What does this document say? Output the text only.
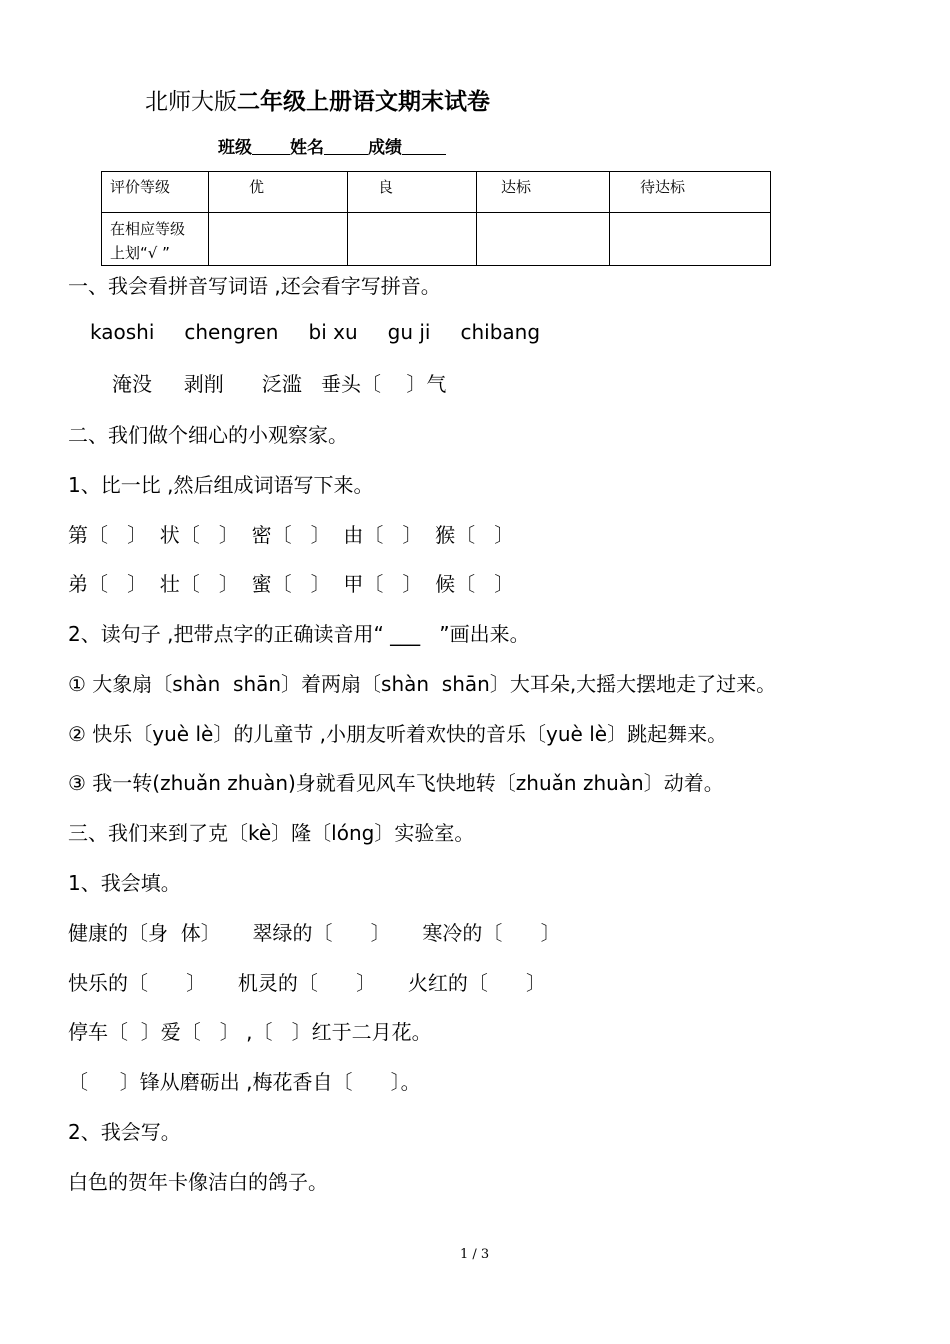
北师大版二年级上册语文期末试卷
班级 姓名	成绩
评价等级	优	良	达标	待达标
在相应等级
上划“√ ”				
一、我会看拼音写词语 ,还会看字写拼音。
kaoshi chengren bi xu gu ji chibang
淹没     剥削      泛滥   垂头〔    〕气
二、我们做个细心的小观察家。
1、比一比 ,然后组成词语写下来。
第〔   〕  状〔   〕  密〔   〕  由〔   〕  猴〔   〕
弟〔   〕  壮〔   〕  蜜〔   〕  甲〔   〕  候〔   〕
2、读句子 ,把带点字的正确读音用“ ___   ”画出来。
① 大象扇〔shàn  shān〕着两扇〔shàn  shān〕大耳朵,大摇大摆地走了过来。
② 快乐〔yuè lè〕的儿童节 ,小朋友听着欢快的音乐〔yuè lè〕跳起舞来。
③ 我一转(zhuǎn zhuàn)身就看见风车飞快地转〔zhuǎn zhuàn〕动着。
三、我们来到了克〔kè〕隆〔lóng〕实验室。
1、我会填。
健康的〔身  体〕     翠绿的〔      〕     寒冷的〔      〕
快乐的〔      〕     机灵的〔      〕     火红的〔      〕
停车〔  〕爱〔   〕 ,〔   〕红于二月花。
〔     〕锋从磨砺出 ,梅花香自〔      〕。
2、我会写。
白色的贺年卡像洁白的鸽子。
1 / 3
